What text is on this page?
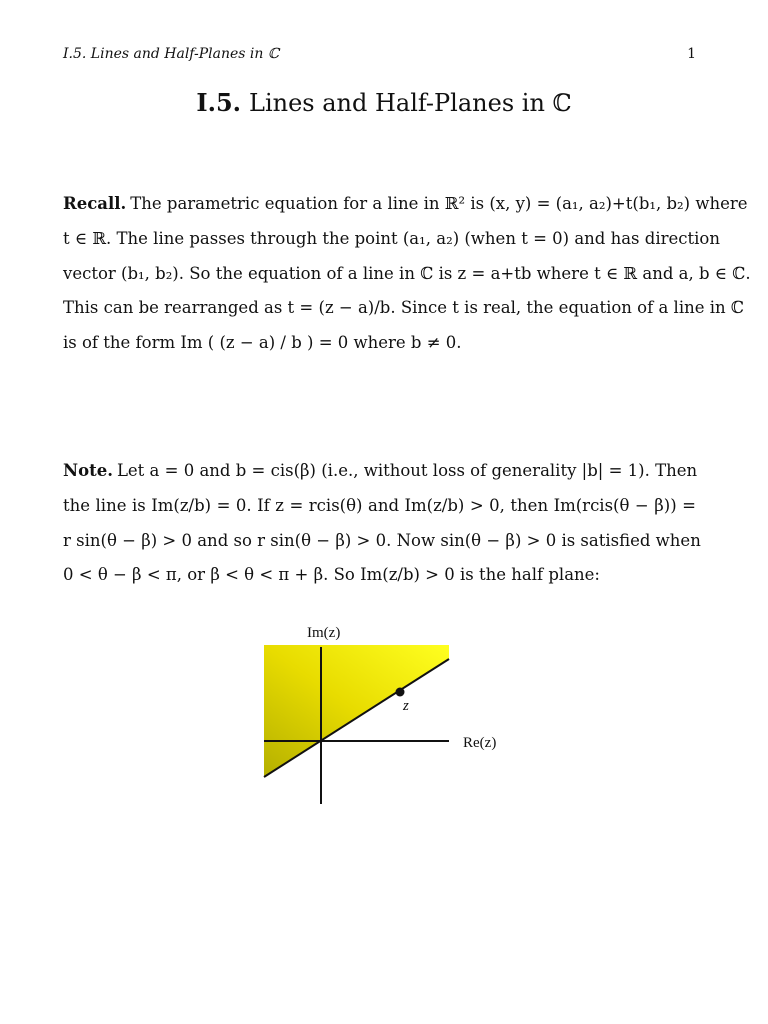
I.5. Lines and Half-Planes in ℂ	1
I.5. Lines and Half-Planes in ℂ
Recall. The parametric equation for a line in ℝ² is (x, y) = (a₁, a₂)+t(b₁, b₂) where
t ∈ ℝ. The line passes through the point (a₁, a₂) (when t = 0) and has direction
vector (b₁, b₂). So the equation of a line in ℂ is z = a+tb where t ∈ ℝ and a, b ∈ ℂ.
This can be rearranged as t = (z − a)/b. Since t is real, the equation of a line in ℂ
is of the form Im ( (z − a) / b ) = 0 where b ≠ 0.
Note. Let a = 0 and b = cis(β) (i.e., without loss of generality |b| = 1). Then
the line is Im(z/b) = 0. If z = rcis(θ) and Im(z/b) > 0, then Im(rcis(θ − β)) =
r sin(θ − β) > 0 and so r sin(θ − β) > 0. Now sin(θ − β) > 0 is satisfied when
0 < θ − β < π, or β < θ < π + β. So Im(z/b) > 0 is the half plane:
Im(z)
Re(z)
z
